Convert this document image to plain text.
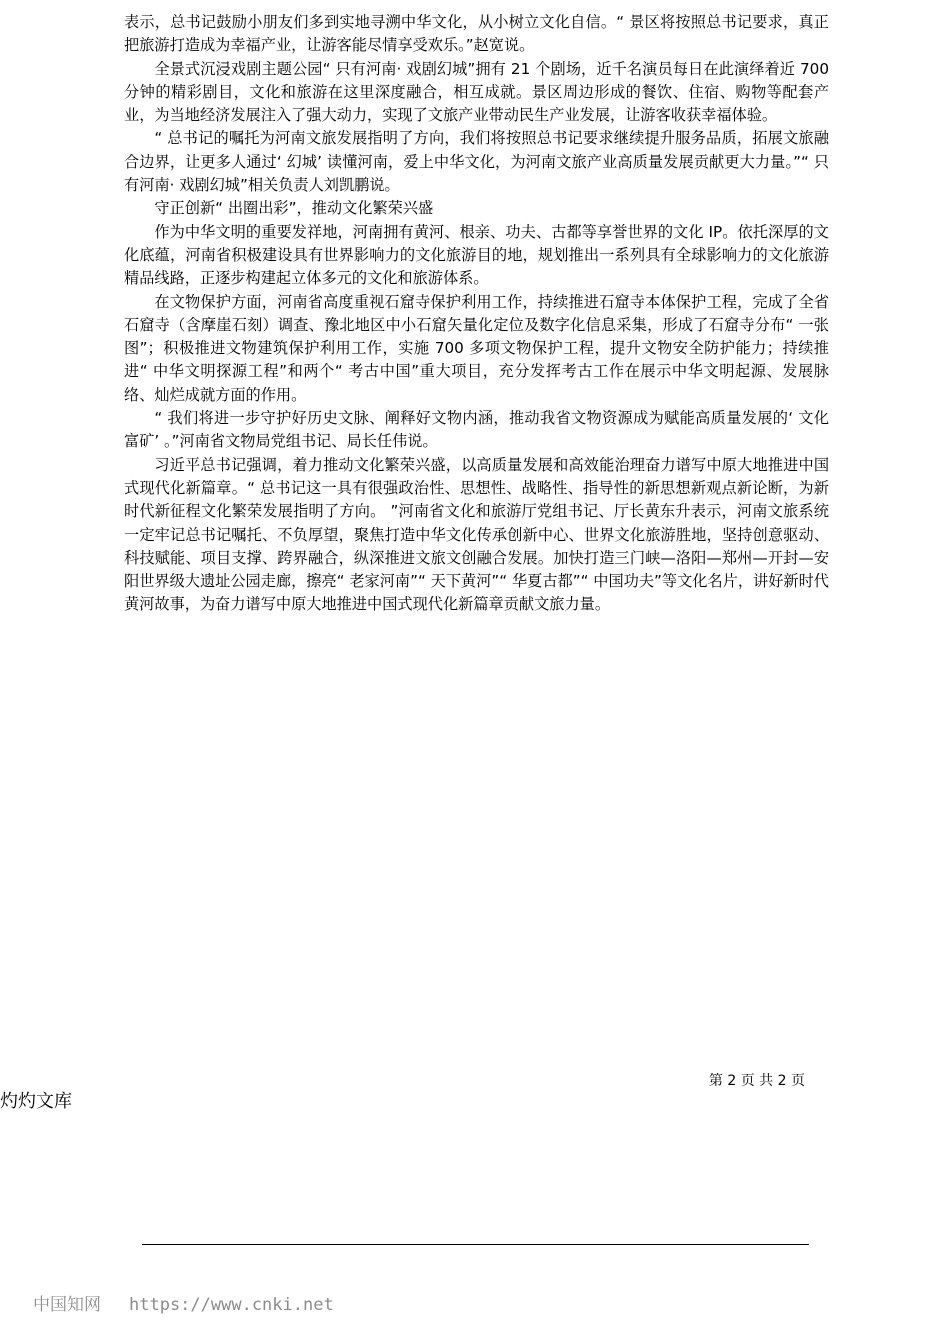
表示，总书记鼓励小朋友们多到实地寻溯中华文化，从小树立文化自信。“ 景区将按照总书记要求，真正把旅游打造成为幸福产业，让游客能尽情享受欢乐。”赵宽说。

全景式沉浸戏剧主题公园“ 只有河南· 戏剧幻城”拥有 21 个剧场，近千名演员每日在此演绎着近 700 分钟的精彩剧目，文化和旅游在这里深度融合，相互成就。景区周边形成的餐饮、住宿、购物等配套产业，为当地经济发展注入了强大动力，实现了文旅产业带动民生产业发展，让游客收获幸福体验。

“ 总书记的嘱托为河南文旅发展指明了方向，我们将按照总书记要求继续提升服务品质，拓展文旅融合边界，让更多人通过‘ 幻城’ 读懂河南，爱上中华文化，为河南文旅产业高质量发展贡献更大力量。”“ 只有河南· 戏剧幻城”相关负责人刘凯鹏说。

守正创新“ 出圈出彩”，推动文化繁荣兴盛

作为中华文明的重要发祥地，河南拥有黄河、根亲、功夫、古都等享誉世界的文化 IP。依托深厚的文化底蕴，河南省积极建设具有世界影响力的文化旅游目的地，规划推出一系列具有全球影响力的文化旅游精品线路，正逐步构建起立体多元的文化和旅游体系。

在文物保护方面，河南省高度重视石窟寺保护利用工作，持续推进石窟寺本体保护工程，完成了全省石窟寺（含摩崖石刻）调查、豫北地区中小石窟矢量化定位及数字化信息采集，形成了石窟寺分布“ 一张图”；积极推进文物建筑保护利用工作，实施 700 多项文物保护工程，提升文物安全防护能力；持续推进“ 中华文明探源工程”和两个“ 考古中国”重大项目，充分发挥考古工作在展示中华文明起源、发展脉络、灿烂成就方面的作用。

“ 我们将进一步守护好历史文脉、阐释好文物内涵，推动我省文物资源成为赋能高质量发展的‘ 文化富矿’ 。”河南省文物局党组书记、局长任伟说。

习近平总书记强调，着力推动文化繁荣兴盛，以高质量发展和高效能治理奋力谱写中原大地推进中国式现代化新篇章。“ 总书记这一具有很强政治性、思想性、战略性、指导性的新思想新观点新论断，为新时代新征程文化繁荣发展指明了方向。 ”河南省文化和旅游厅党组书记、厅长黄东升表示，河南文旅系统一定牢记总书记嘱托、不负厚望，聚焦打造中华文化传承创新中心、世界文化旅游胜地，坚持创意驱动、科技赋能、项目支撑、跨界融合，纵深推进文旅文创融合发展。加快打造三门峡—洛阳—郑州—开封—安阳世界级大遗址公园走廊，擦亮“ 老家河南”“ 天下黄河”“ 华夏古都”“ 中国功夫”等文化名片，讲好新时代黄河故事，为奋力谱写中原大地推进中国式现代化新篇章贡献文旅力量。

第 2 页 共 2 页
灼灼文库
中国知网 https://www.cnki.net
